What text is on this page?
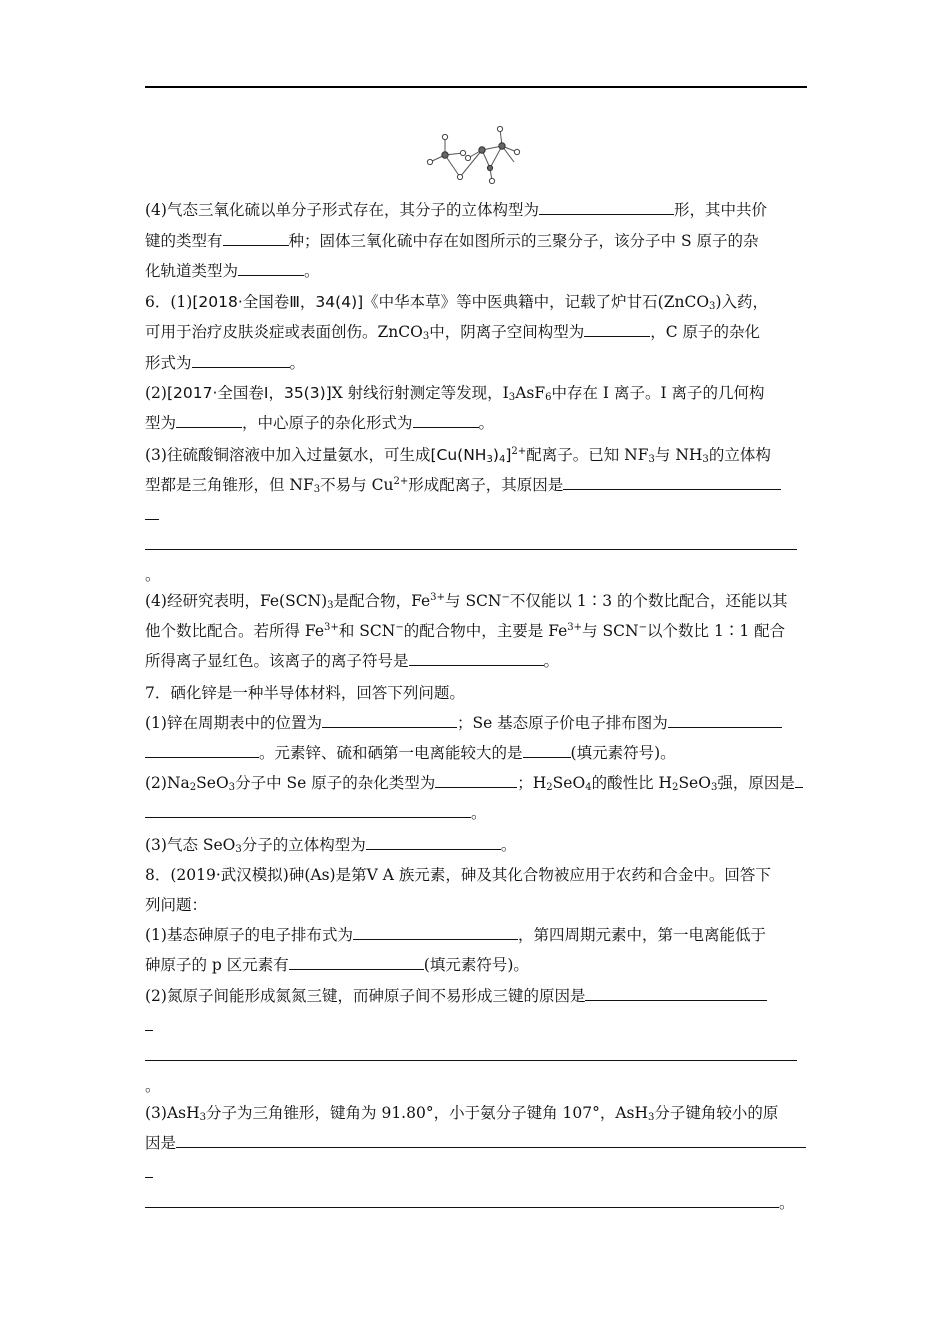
(4)气态三氧化硫以单分子形式存在，其分子的立体构型为	形，其中共价
键的类型有	种；固体三氧化硫中存在如图所示的三聚分子，该分子中 S 原子的杂
化轨道类型为	。
6．(1)[2018·全国卷Ⅲ，34(4)]《中华本草》等中医典籍中，记载了炉甘石(ZnCO$_3$)入药，
可用于治疗皮肤炎症或表面创伤。ZnCO$_3$中，阴离子空间构型为	，C 原子的杂化
形式为	。
(2)[2017·全国卷Ⅰ，35(3)]X 射线衍射测定等发现，$I_3AsF_6$中存在 I 离子。I 离子的几何构
型为	，中心原子的杂化形式为	。
(3)往硫酸铜溶液中加入过量氨水，可生成$[Cu(NH_3)_4]^{2+}$配离子。已知 $NF_3$与 $NH_3$的立体构
型都是三角锥形，但 $NF_3$不易与 $Cu^{2+}$形成配离子，其原因是
。
(4)经研究表明，$Fe(SCN)_3$是配合物，$Fe^{3+}$与 SCN−不仅能以 1∶3 的个数比配合，还能以其
他个数比配合。若所得 $Fe^{3+}$和 SCN−的配合物中，主要是 $Fe^{3+}$与 SCN−以个数比 1∶1 配合
所得离子显红色。该离子的离子符号是	。
7．硒化锌是一种半导体材料，回答下列问题。
(1)锌在周期表中的位置为	；Se 基态原子价电子排布图为
。元素锌、硫和硒第一电离能较大的是	(填元素符号)。
$(2)Na_2SeO_3$分子中 Se 原子的杂化类型为	；$H_2SeO_4$的酸性比 $H_2SeO_3$强，原因是
。
(3)气态 SeO$_3$分子的立体构型为	。
8．(2019·武汉模拟)砷(As)是第Ⅴ A 族元素，砷及其化合物被应用于农药和合金中。回答下
列问题：
(1)基态砷原子的电子排布式为	，第四周期元素中，第一电离能低于
砷原子的 p 区元素有	(填元素符号)。
(2)氮原子间能形成氮氮三键，而砷原子间不易形成三键的原因是
。
(3)AsH$_3$分子为三角锥形，键角为 91.80°，小于氨分子键角 107°，AsH$_3$分子键角较小的原
因是
。
